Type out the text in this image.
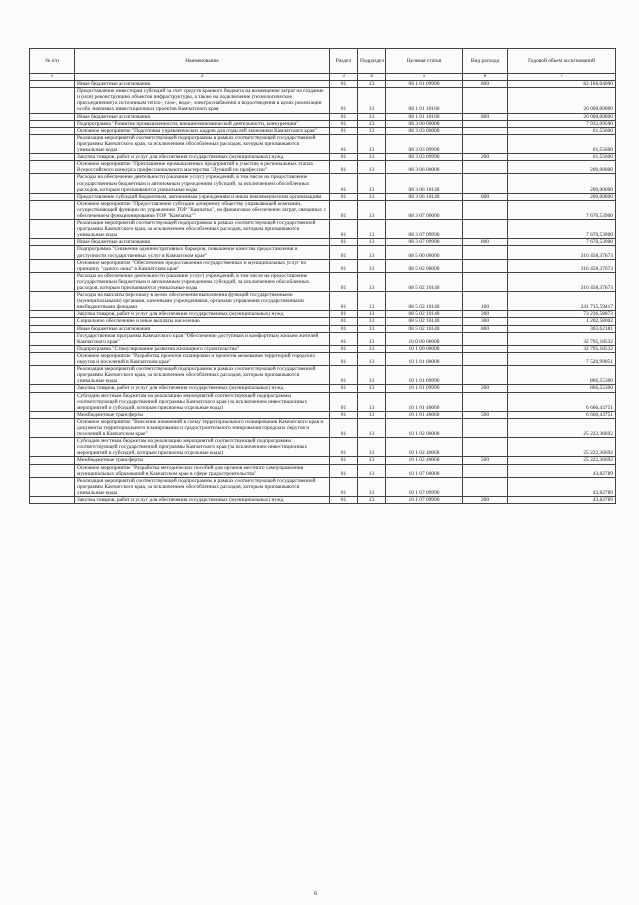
№ п/п	Наименование	Раздел	Подраздел	Целевая статья	Вид расхода	Годовой объем ассигнований
1	2	3	4	5	6	7
	Иные бюджетные ассигнования	01	13	08 1 01 09990	800	82 166,04000
	Предоставление инвесторам субсидий за счет средств краевого бюджета на возмещение затрат на создание и (или) реконструкцию объектов инфраструктуры, а также на подключение (технологическое присоединение) к источникам тепло-, газо-, водо-, электроснабжения и водоотведения в целях реализации особо значимых инвестиционных проектов Камчатского края	01	13	08 1 01 10160		20 000,00000
	Иные бюджетные ассигнования	01	13	08 1 01 10160	800	20 000,00000
	Подпрограмма "Развитие промышленности, внешнеэкономической деятельности, конкуренции"	01	13	08 3 00 00000		7 932,09500
	Основное мероприятие "Подготовка управленческих кадров для отраслей экономики Камчатского края"	01	13	08 3 03 00000		61,55600
	Реализация мероприятий соответствующей подпрограммы в рамках соответствующей государственной программы Камчатского края, за исключением обособленных расходов, которым присваиваются уникальные коды	01	13	08 3 03 09990		61,55600
	Закупка товаров, работ и услуг для обеспечения государственных (муниципальных) нужд	01	13	08 3 03 09990	200	61,55600
	Основное мероприятие "Приглашение промышленных предприятий к участию в региональных этапах Всероссийского конкурса профессионального мастерства "Лучший по профессии"	01	13	08 3 06 00000		200,00000
	Расходы на обеспечение деятельности (оказание услуг) учреждений, в том числе на предоставление государственным бюджетным и автономным учреждениям субсидий, за исключением обособленных расходов, которым присваиваются уникальные коды	01	13	08 3 06 10140		200,00000
	Предоставление субсидий бюджетным, автономным учреждениям и иным некоммерческим организациям	01	13	08 3 06 10140	600	200,00000
	Основное мероприятие "Предоставление субсидии дочернему обществу управляющей компании, осуществляющей функции по управлению ТОР "Камчатка", на финансовое обеспечение затрат, связанных с обеспечением функционирования ТОР "Камчатка""	01	13	08 3 07 00000		7 670,53900
	Реализация мероприятий соответствующей подпрограммы в рамках соответствующей государственной программы Камчатского края, за исключением обособленных расходов, которым присваиваются уникальные коды	01	13	08 3 07 09990		7 670,53900
	Иные бюджетные ассигнования	01	13	08 3 07 09990	800	7 670,53900
	Подпрограмма "Снижение административных барьеров, повышение качества предоставления и доступности государственных услуг в Камчатском крае"	01	13	08 5 00 00000		316 458,37673
	Основное мероприятие "Обеспечение предоставления государственных и муниципальных услуг по принципу "одного окна" в Камчатском крае"	01	13	08 5 02 00000		316 458,37673
	Расходы на обеспечение деятельности (оказание услуг) учреждений, в том числе на предоставление государственным бюджетным и автономным учреждениям субсидий, за исключением обособленных расходов, которым присваиваются уникальные коды	01	13	08 5 02 10140		316 458,37673
	Расходы на выплаты персоналу в целях обеспечения выполнения функций государственными (муниципальными) органами, казенными учреждениями, органами управления государственными внебюджетными фондами	01	13	08 5 02 10140	100	241 715,59417
	Закупка товаров, работ и услуг для обеспечения государственных (муниципальных) нужд	01	13	08 5 02 10140	200	73 236,58073
	Социальное обеспечение и иные выплаты населению	01	13	08 5 02 10140	300	1 202,58002
	Иные бюджетные ассигнования	01	13	08 5 02 10140	800	303,62181
	Государственная программа Камчатского края "Обеспечение доступным и комфортным жильем жителей Камчатского края"	01	13	10 0 00 00000		32 795,18532
	Подпрограмма "Стимулирование развития жилищного строительства"	01	13	10 1 00 00000		32 795,18532
	Основное мероприятие "Разработка проектов планировки и проектов межевания территорий городских округов и поселений в Камчатском крае"	01	13	10 1 01 00000		7 526,99051
	Реализация мероприятий соответствующей подпрограммы в рамках соответствующей государственной программы Камчатского края, за исключением обособленных расходов, которым присваиваются уникальные коды	01	13	10 1 01 09990		866,55300
	Закупка товаров, работ и услуг для обеспечения государственных (муниципальных) нужд	01	13	10 1 01 09990	200	866,55300
	Субсидии местным бюджетам на реализацию мероприятий соответствующей подпрограммы соответствующей государственной программы Камчатского края (за исключением инвестиционных мероприятий и субсидий, которым присвоены отдельные коды)	01	13	10 1 01 40060		6 660,43751
	Межбюджетные трансферты	01	13	10 1 01 40060	500	6 660,43751
	Основное мероприятие "Внесение изменений в схему территориального планирования Камчатского края и документы территориального планирования и градостроительного зонирования городских округов и поселений в Камчатском крае"	01	13	10 1 02 00000		25 222,36692
	Субсидии местным бюджетам на реализацию мероприятий соответствующей подпрограммы соответствующей государственной программы Камчатского края (за исключением инвестиционных мероприятий и субсидий, которым присвоены отдельные коды)	01	13	10 1 02 40060		25 222,36692
	Межбюджетные трансферты	01	13	10 1 02 40060	500	25 222,36692
	Основное мероприятие "Разработка методических пособий для органов местного самоуправления муниципальных образований в Камчатском крае в сфере градостроительства"	01	13	10 1 07 00000		43,82789
	Реализация мероприятий соответствующей подпрограммы в рамках соответствующей государственной программы Камчатского края, за исключением обособленных расходов, которым присваиваются уникальные коды	01	13	10 1 07 09990		43,82789
	Закупка товаров, работ и услуг для обеспечения государственных (муниципальных) нужд	01	13	10 1 07 09990	200	43,82789
6
